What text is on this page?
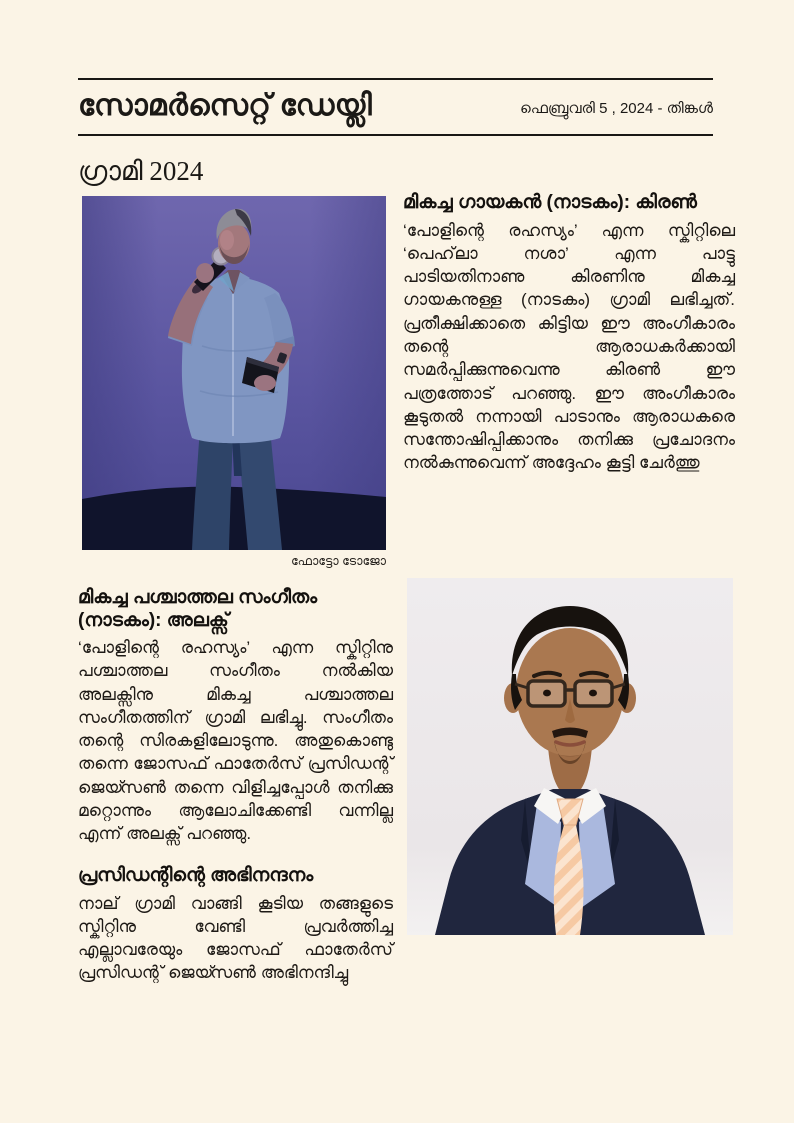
സോമർസെറ്റ് ഡേയ്ലി	ഫെബ്രുവരി 5 , 2024 - തിങ്കൾ
ഗ്രാമി 2024
ഫോട്ടോ ടോജോ
മികച്ച പശ്ചാത്തല സംഗീതം (നാടകം): അലക്സ്

‘പോളിന്റെ രഹസ്യം’ എന്ന സ്കിറ്റിനു പശ്ചാത്തല സംഗീതം നൽകിയ അലക്സിനു മികച്ച പശ്ചാത്തല സംഗീതത്തിന് ഗ്രാമി ലഭിച്ചു. സംഗീതം തന്റെ സിരകളിലോടുന്നു. അതുകൊണ്ടു തന്നെ ജോസഫ് ഫാതേർസ് പ്രസിഡന്റ് ജെയ്സൺ തന്നെ വിളിച്ചപ്പോൾ തനിക്കു മറ്റൊന്നും ആലോചിക്കേണ്ടി വന്നില്ല എന്ന് അലക്സ് പറഞ്ഞു.

പ്രസിഡന്റിന്റെ അഭിനന്ദനം

നാല് ഗ്രാമി വാങ്ങി കൂടിയ തങ്ങളുടെ സ്കിറ്റിനു വേണ്ടി പ്രവർത്തിച്ച എല്ലാവരേയും ജോസഫ് ഫാതേർസ് പ്രസിഡന്റ് ജെയ്സൺ അഭിനന്ദിച്ചു

മികച്ച ഗായകൻ (നാടകം): കിരൺ

‘പോളിന്റെ രഹസ്യം’ എന്ന സ്കിറ്റിലെ ‘പെഹ്‌ലാ നശാ’ എന്ന പാട്ടു പാടിയതിനാണു കിരണിനു മികച്ച ഗായകനുള്ള (നാടകം) ഗ്രാമി ലഭിച്ചത്. പ്രതീക്ഷിക്കാതെ കിട്ടിയ ഈ അംഗീകാരം തന്റെ ആരാധകർക്കായി സമർപ്പിക്കുന്നുവെന്നു കിരൺ ഈ പത്രത്തോട് പറഞ്ഞു. ഈ അംഗീകാരം കൂടുതൽ നന്നായി പാടാനും ആരാധകരെ സന്തോഷിപ്പിക്കാനും തനിക്കു പ്രചോദനം നൽകുന്നുവെന്ന് അദ്ദേഹം കൂട്ടി ചേർത്തു
